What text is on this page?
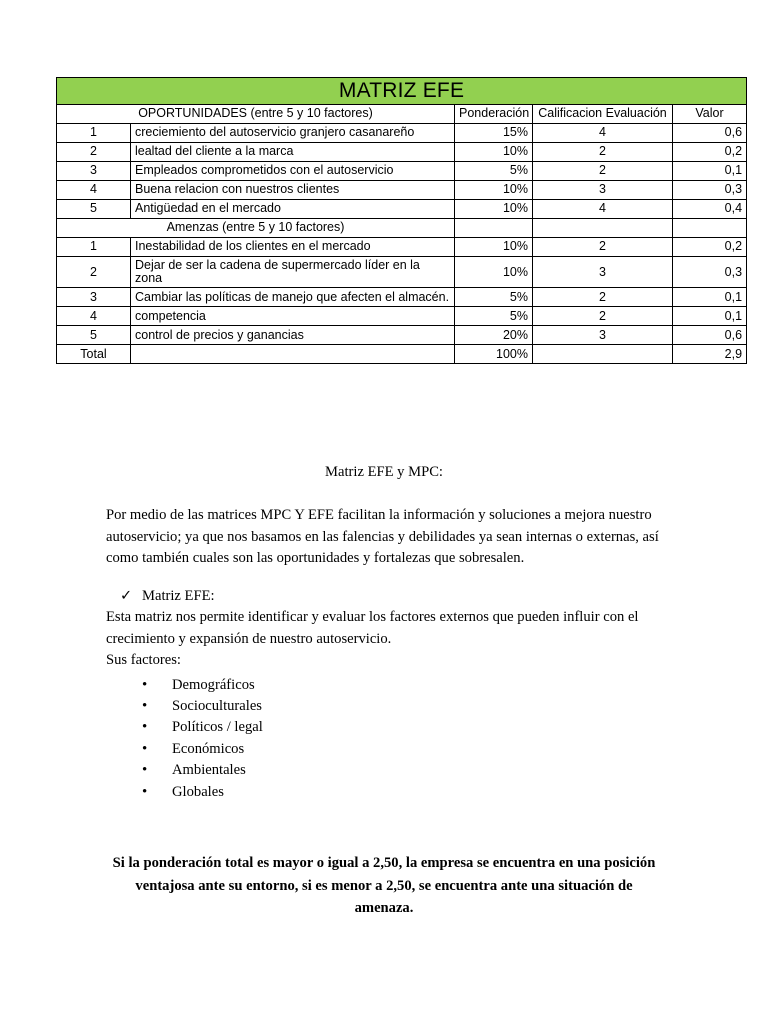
MATRIZ EFE				
OPORTUNIDADES (entre 5 y 10 factores)		Ponderación	Calificacion Evaluación	Valor
1	creciemiento del autoservicio granjero casanareño	15%	4	0,6
2	lealtad del cliente a la marca	10%	2	0,2
3	Empleados comprometidos con el autoservicio	5%	2	0,1
4	Buena relacion con nuestros clientes	10%	3	0,3
5	Antigüedad en el mercado	10%	4	0,4
Amenzas (entre 5 y 10 factores)				
1	Inestabilidad de los clientes en el mercado	10%	2	0,2
2	Dejar de ser la cadena de supermercado líder en la zona	10%	3	0,3
3	Cambiar las políticas de manejo que afecten el almacén.	5%	2	0,1
4	competencia	5%	2	0,1
5	control de precios y ganancias	20%	3	0,6
Total		100%		2,9

Matriz EFE y MPC:

Por medio de las matrices MPC Y EFE facilitan la información y soluciones a mejora nuestro autoservicio; ya que nos basamos en las falencias y debilidades ya sean internas o externas, así como también cuales son las oportunidades y fortalezas que sobresalen.

✓ Matriz EFE:

Esta matriz nos permite identificar y evaluar los factores externos que pueden influir con el crecimiento y expansión de nuestro autoservicio.

Sus factores:

• Demográficos
• Socioculturales
• Políticos / legal
• Económicos
• Ambientales
• Globales
Si la ponderación total es mayor o igual a 2,50, la empresa se encuentra en una posición ventajosa ante su entorno, si es menor a 2,50, se encuentra ante una situación de amenaza.
